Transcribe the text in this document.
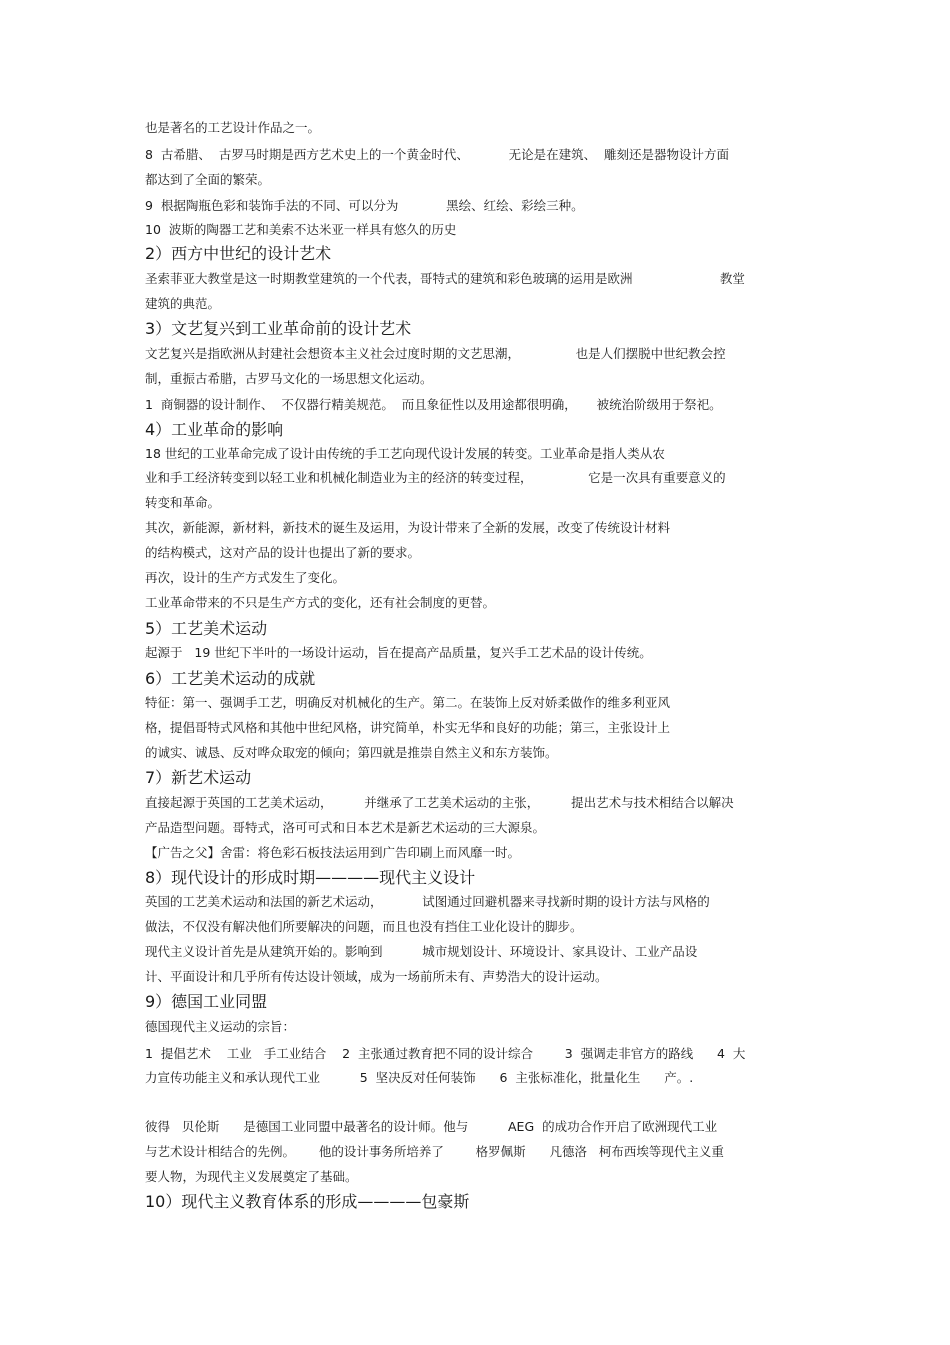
也是著名的工艺设计作品之一。
8  古希腊、  古罗马时期是西方艺术史上的一个黄金时代、          无论是在建筑、  雕刻还是器物设计方面
都达到了全面的繁荣。
9  根据陶瓶色彩和装饰手法的不同、可以分为            黑绘、红绘、彩绘三种。
10  波斯的陶器工艺和美索不达米亚一样具有悠久的历史
2）西方中世纪的设计艺术
圣索菲亚大教堂是这一时期教堂建筑的一个代表，哥特式的建筑和彩色玻璃的运用是欧洲                      教堂
建筑的典范。
3）文艺复兴到工业革命前的设计艺术
文艺复兴是指欧洲从封建社会想资本主义社会过度时期的文艺思潮，              也是人们摆脱中世纪教会控
制，重振古希腊，古罗马文化的一场思想文化运动。
1  商铜器的设计制作、  不仅器行精美规范。  而且象征性以及用途都很明确，     被统治阶级用于祭祀。
4）工业革命的影响
18 世纪的工业革命完成了设计由传统的手工艺向现代设计发展的转变。工业革命是指人类从农
业和手工经济转变到以轻工业和机械化制造业为主的经济的转变过程，              它是一次具有重要意义的
转变和革命。
其次，新能源，新材料，新技术的诞生及运用，为设计带来了全新的发展，改变了传统设计材料
的结构模式，这对产品的设计也提出了新的要求。
再次，设计的生产方式发生了变化。
工业革命带来的不只是生产方式的变化，还有社会制度的更替。
5）工艺美术运动
起源于   19 世纪下半叶的一场设计运动，旨在提高产品质量，复兴手工艺术品的设计传统。
6）工艺美术运动的成就
特征：第一、强调手工艺，明确反对机械化的生产。第二。在装饰上反对娇柔做作的维多利亚风
格，提倡哥特式风格和其他中世纪风格，讲究简单，朴实无华和良好的功能；第三，主张设计上
的诚实、诚恳、反对哗众取宠的倾向；第四就是推崇自然主义和东方装饰。
7）新艺术运动
直接起源于英国的工艺美术运动，        并继承了工艺美术运动的主张，        提出艺术与技术相结合以解决
产品造型问题。哥特式，洛可可式和日本艺术是新艺术运动的三大源泉。
【广告之父】舍雷：将色彩石板技法运用到广告印刷上而风靡一时。
8）现代设计的形成时期————现代主义设计
英国的工艺美术运动和法国的新艺术运动，          试图通过回避机器来寻找新时期的设计方法与风格的
做法，不仅没有解决他们所要解决的问题，而且也没有挡住工业化设计的脚步。
现代主义设计首先是从建筑开始的。影响到          城市规划设计、环境设计、家具设计、工业产品设
计、平面设计和几乎所有传达设计领域，成为一场前所未有、声势浩大的设计运动。
9）德国工业同盟
德国现代主义运动的宗旨：
1  提倡艺术    工业   手工业结合    2  主张通过教育把不同的设计综合        3  强调走非官方的路线      4  大
力宣传功能主义和承认现代工业          5  坚决反对任何装饰      6  主张标准化，批量化生      产。.
彼得   贝伦斯      是德国工业同盟中最著名的设计师。他与          AEG  的成功合作开启了欧洲现代工业
与艺术设计相结合的先例。      他的设计事务所培养了        格罗佩斯      凡德洛   柯布西埃等现代主义重
要人物，为现代主义发展奠定了基础。
10）现代主义教育体系的形成————包豪斯
